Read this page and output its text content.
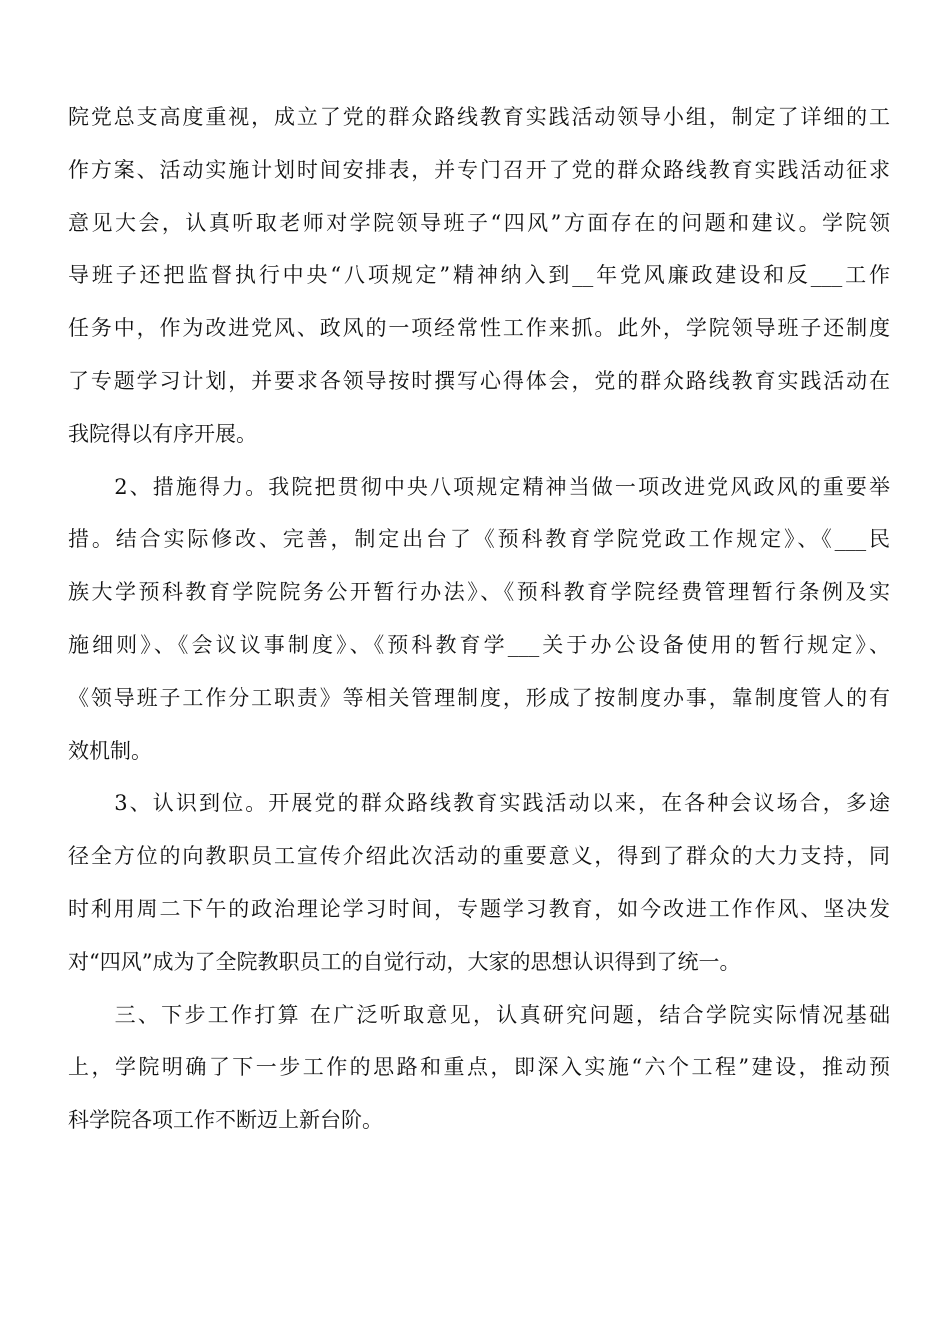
院党总支高度重视，成立了党的群众路线教育实践活动领导小组，制定了详细的工
作方案、活动实施计划时间安排表，并专门召开了党的群众路线教育实践活动征求
意见大会，认真听取老师对学院领导班子“四风”方面存在的问题和建议。学院领
导班子还把监督执行中央“八项规定”精神纳入到__年党风廉政建设和反___工作
任务中，作为改进党风、政风的一项经常性工作来抓。此外，学院领导班子还制度
了专题学习计划，并要求各领导按时撰写心得体会，党的群众路线教育实践活动在
我院得以有序开展。
　　2、措施得力。我院把贯彻中央八项规定精神当做一项改进党风政风的重要举
措。结合实际修改、完善，制定出台了《预科教育学院党政工作规定》、《___民
族大学预科教育学院院务公开暂行办法》、《预科教育学院经费管理暂行条例及实
施细则》、《会议议事制度》、《预科教育学___关于办公设备使用的暂行规定》、
《领导班子工作分工职责》等相关管理制度，形成了按制度办事，靠制度管人的有
效机制。
　　3、认识到位。开展党的群众路线教育实践活动以来，在各种会议场合，多途
径全方位的向教职员工宣传介绍此次活动的重要意义，得到了群众的大力支持，同
时利用周二下午的政治理论学习时间，专题学习教育，如今改进工作作风、坚决发
对“四风”成为了全院教职员工的自觉行动，大家的思想认识得到了统一。
　　三、下步工作打算 在广泛听取意见，认真研究问题，结合学院实际情况基础
上，学院明确了下一步工作的思路和重点，即深入实施“六个工程”建设，推动预
科学院各项工作不断迈上新台阶。
